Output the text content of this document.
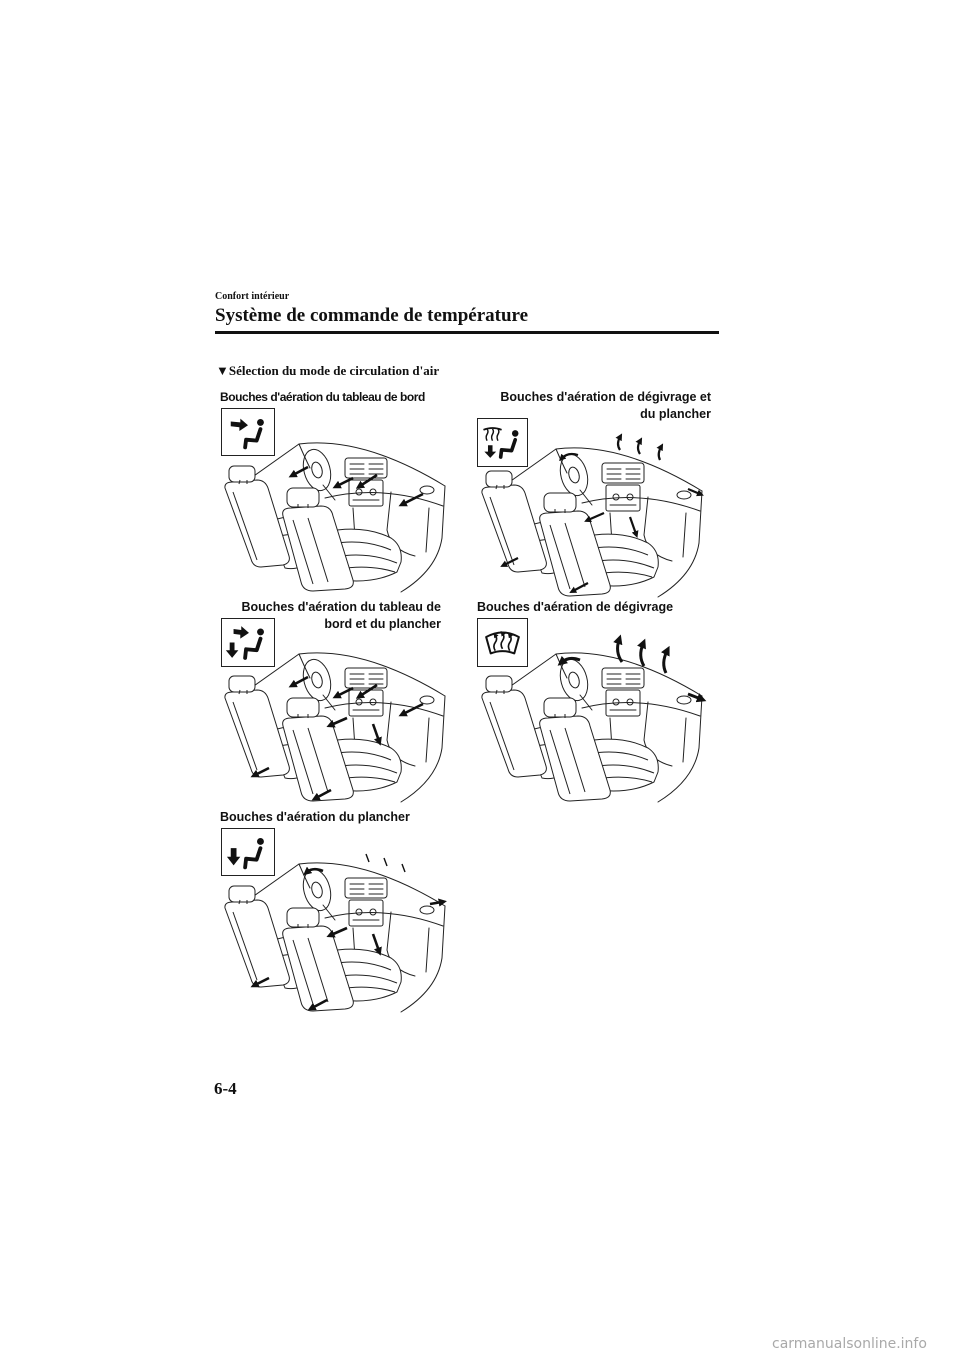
Confort intérieur
Système de commande de température
▼Sélection du mode de circulation d'air
Bouches d'aération du tableau de bord	Bouches d'aération de dégivrage et
du plancher
Bouches d'aération du tableau de
bord et du plancher
Bouches d'aération de dégivrage
Bouches d'aération du plancher
6-4
carmanualsonline.info
